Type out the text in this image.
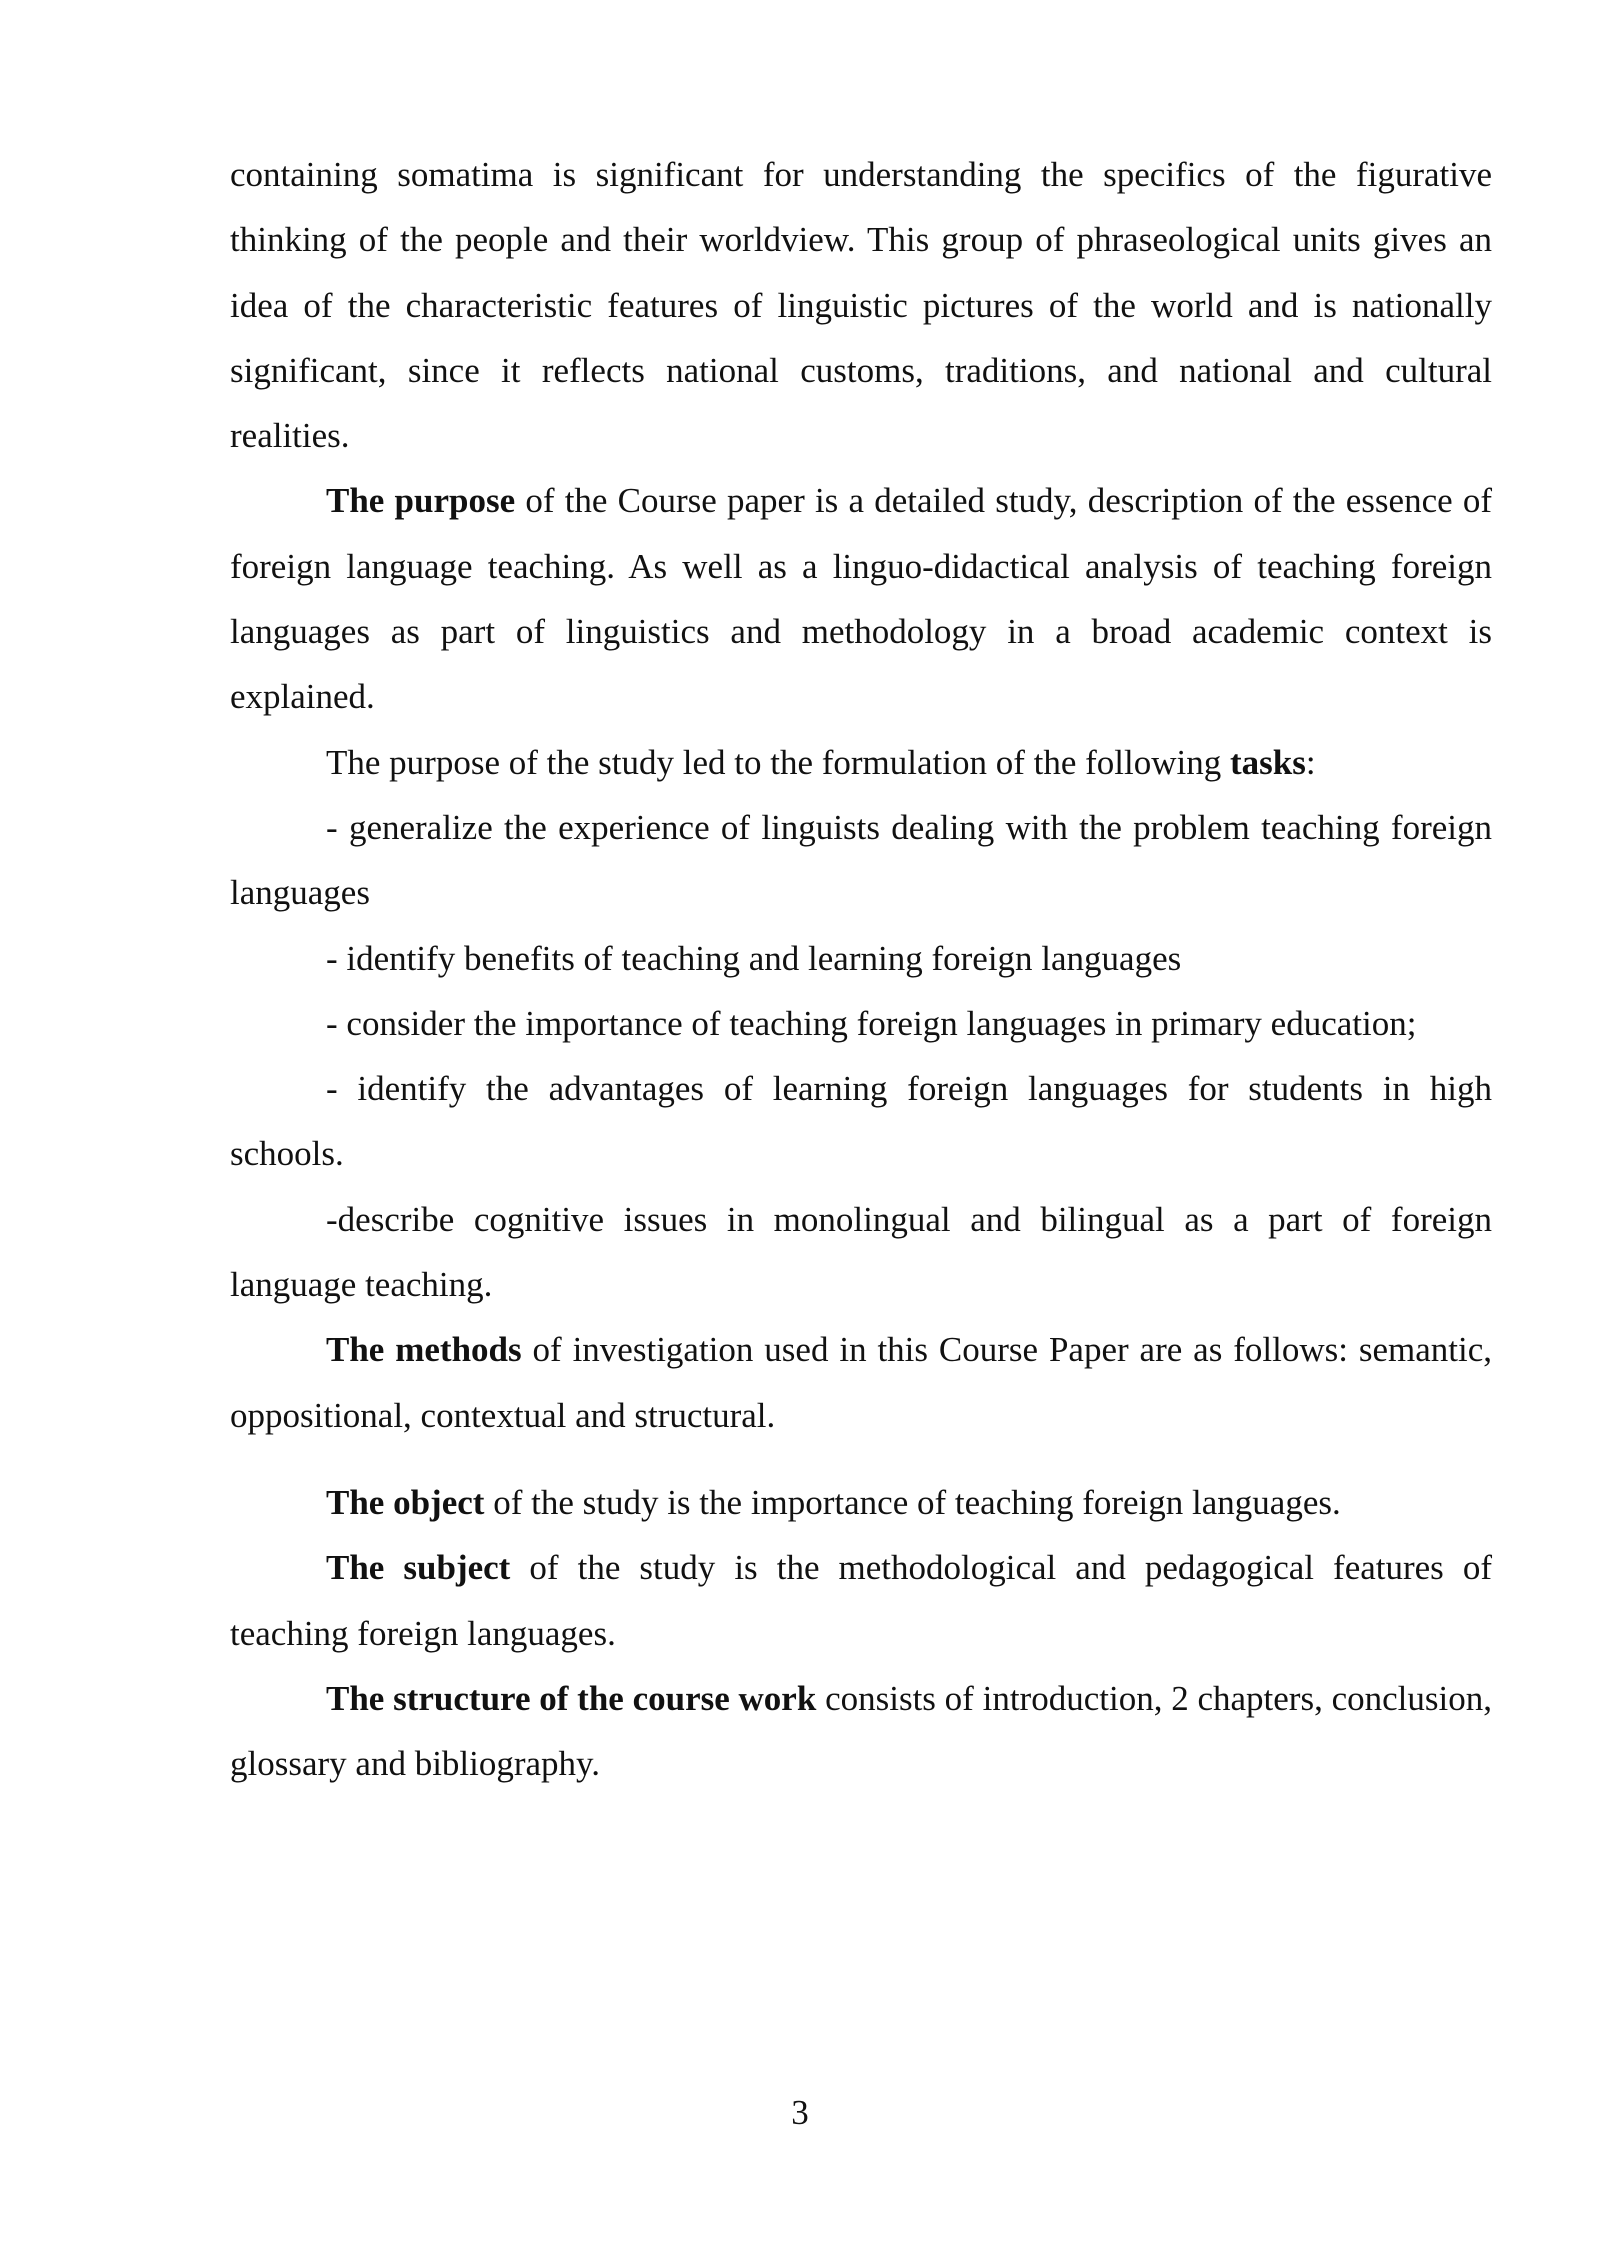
containing somatima is significant for understanding the specifics of the figurative thinking of the people and their worldview. This group of phraseological units gives an idea of the characteristic features of linguistic pictures of the world and is nationally significant, since it reflects national customs, traditions, and national and cultural realities.

The purpose of the Course paper is a detailed study, description of the essence of foreign language teaching. As well as a linguo-didactical analysis of teaching foreign languages as part of linguistics and methodology in a broad academic context is explained.

The purpose of the study led to the formulation of the following tasks:

- generalize the experience of linguists dealing with the problem teaching foreign languages

- identify benefits of teaching and learning foreign languages

- consider the importance of teaching foreign languages in primary education;

- identify the advantages of learning foreign languages for students in high schools.

-describe cognitive issues in monolingual and bilingual as a part of foreign language teaching.

The methods of investigation used in this Course Paper are as follows: semantic, oppositional, contextual and structural.

The object of the study is the importance of teaching foreign languages.

The subject of the study is the methodological and pedagogical features of teaching foreign languages.

The structure of the course work consists of introduction, 2 chapters, conclusion, glossary and bibliography.

3
